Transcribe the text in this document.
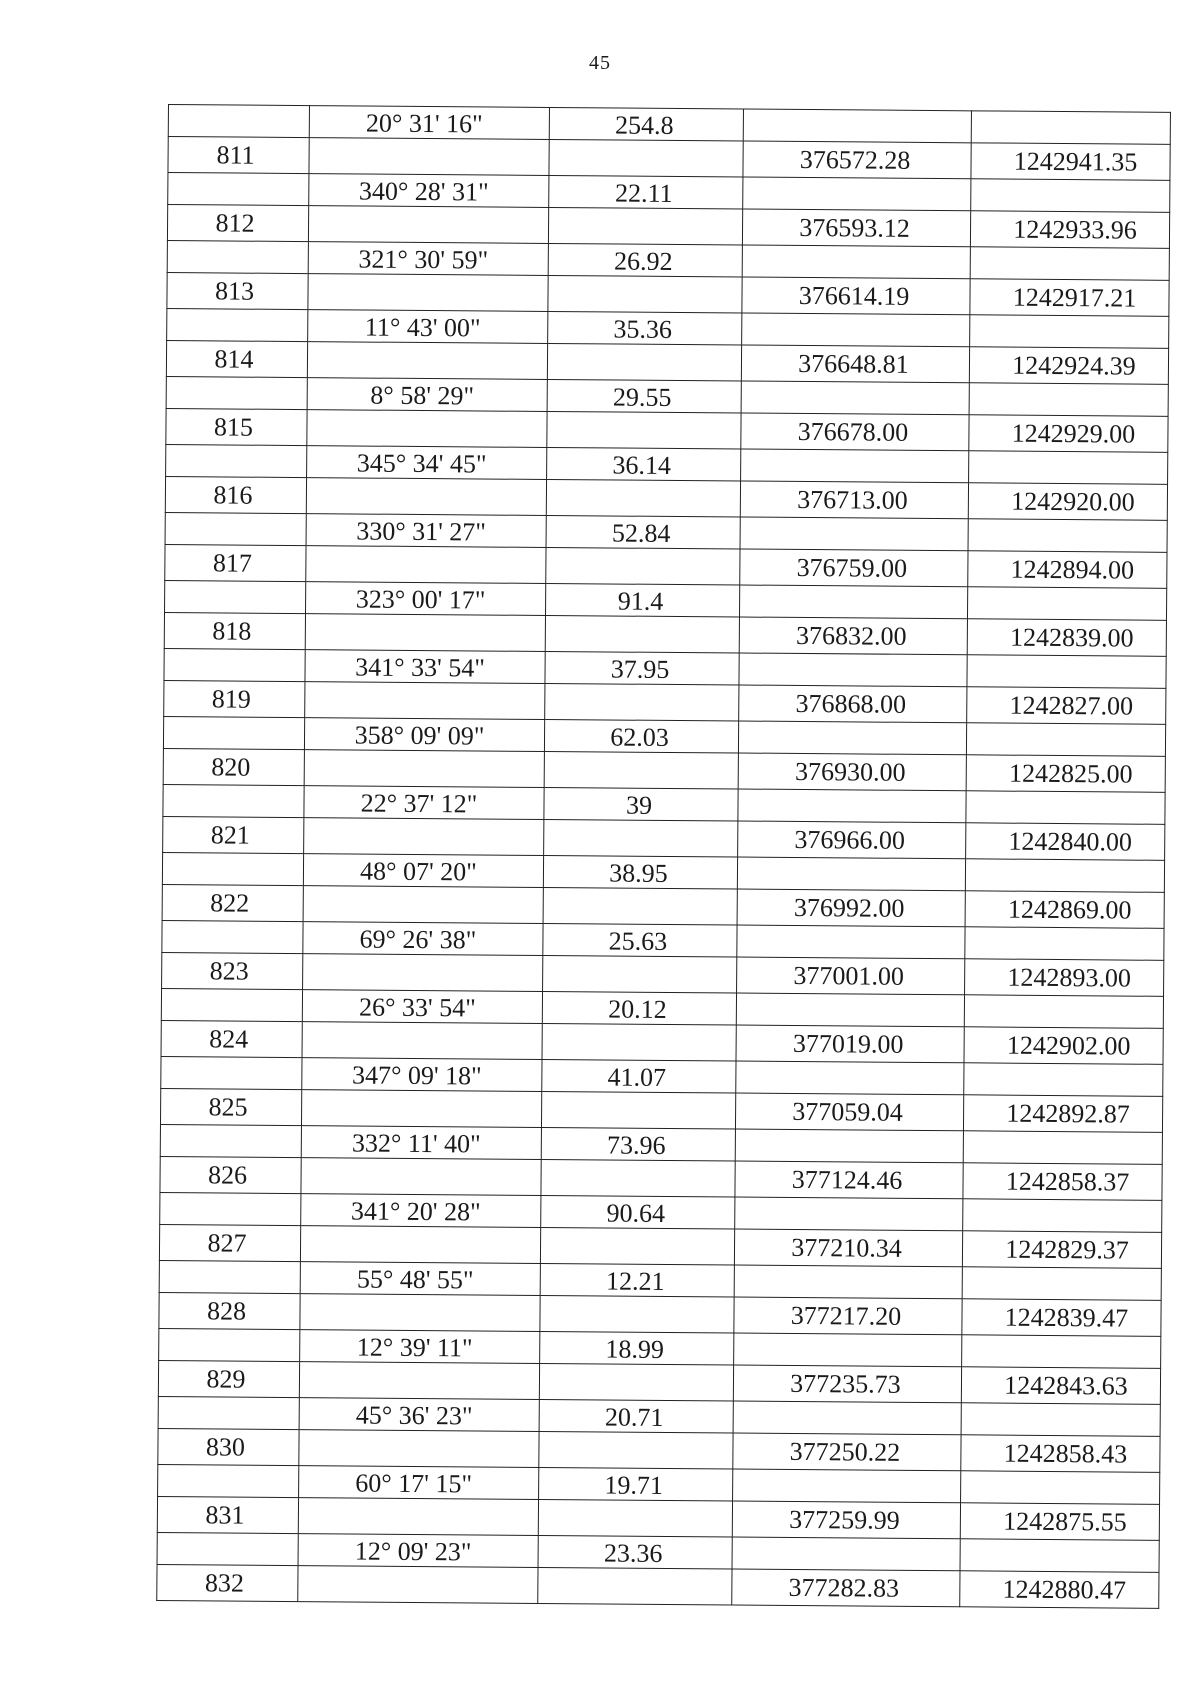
45
	20° 31' 16"	254.8		
811			376572.28	1242941.35
	340° 28' 31"	22.11		
812			376593.12	1242933.96
	321° 30' 59"	26.92		
813			376614.19	1242917.21
	11° 43' 00"	35.36		
814			376648.81	1242924.39
	8° 58' 29"	29.55		
815			376678.00	1242929.00
	345° 34' 45"	36.14		
816			376713.00	1242920.00
	330° 31' 27"	52.84		
817			376759.00	1242894.00
	323° 00' 17"	91.4		
818			376832.00	1242839.00
	341° 33' 54"	37.95		
819			376868.00	1242827.00
	358° 09' 09"	62.03		
820			376930.00	1242825.00
	22° 37' 12"	39		
821			376966.00	1242840.00
	48° 07' 20"	38.95		
822			376992.00	1242869.00
	69° 26' 38"	25.63		
823			377001.00	1242893.00
	26° 33' 54"	20.12		
824			377019.00	1242902.00
	347° 09' 18"	41.07		
825			377059.04	1242892.87
	332° 11' 40"	73.96		
826			377124.46	1242858.37
	341° 20' 28"	90.64		
827			377210.34	1242829.37
	55° 48' 55"	12.21		
828			377217.20	1242839.47
	12° 39' 11"	18.99		
829			377235.73	1242843.63
	45° 36' 23"	20.71		
830			377250.22	1242858.43
	60° 17' 15"	19.71		
831			377259.99	1242875.55
	12° 09' 23"	23.36		
832			377282.83	1242880.47
